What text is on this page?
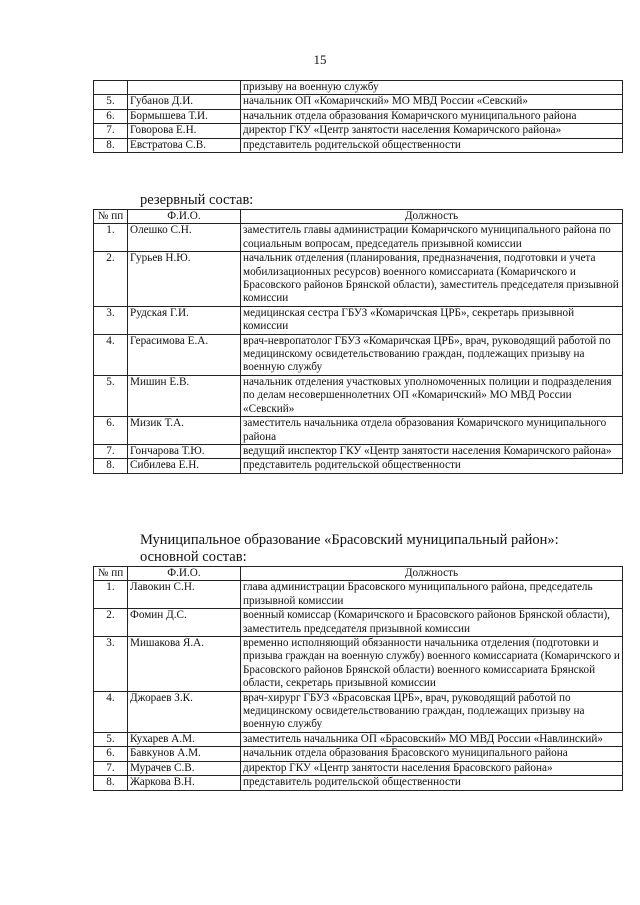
15
		призыву на военную службу
5.	Губанов Д.И.	начальник ОП «Комаричский» МО МВД России «Севский»
6.	Бормышева Т.И.	начальник отдела образования Комаричского муниципального района
7.	Говорова Е.Н.	директор ГКУ «Центр занятости населения Комаричского района»
8.	Евстратова С.В.	представитель родительской общественности
резервный состав:
№ пп	Ф.И.О.	Должность
1.	Олешко С.Н.	заместитель главы администрации Комаричского муниципального района по социальным вопросам, председатель призывной комиссии
2.	Гурьев Н.Ю.	начальник отделения (планирования, предназначения, подготовки и учета мобилизационных ресурсов) военного комиссариата (Комаричского и Брасовского районов Брянской области), заместитель председателя призывной комиссии
3.	Рудская Г.И.	медицинская сестра ГБУЗ «Комаричская ЦРБ», секретарь призывной комиссии
4.	Герасимова Е.А.	врач-невропатолог ГБУЗ «Комаричская ЦРБ», врач, руководящий работой по медицинскому освидетельствованию граждан, подлежащих призыву на военную службу
5.	Мишин Е.В.	начальник отделения участковых уполномоченных полиции и подразделения по делам несовершеннолетних ОП «Комаричский» МО МВД России «Севский»
6.	Мизик Т.А.	заместитель начальника отдела образования Комаричского муниципального района
7.	Гончарова Т.Ю.	ведущий инспектор ГКУ «Центр занятости населения Комаричского района»
8.	Сибилева Е.Н.	представитель родительской общественности
Муниципальное образование «Брасовский муниципальный район»:
основной состав:
№ пп	Ф.И.О.	Должность
1.	Лавокин С.Н.	глава администрации Брасовского муниципального района, председатель призывной комиссии
2.	Фомин Д.С.	военный комиссар (Комаричского и Брасовского районов Брянской области), заместитель председателя призывной комиссии
3.	Мишакова Я.А.	временно исполняющий обязанности начальника отделения (подготовки и призыва граждан на военную службу) военного комиссариата (Комаричского и Брасовского районов Брянской области) военного комиссариата Брянской области, секретарь призывной комиссии
4.	Джораев З.К.	врач-хирург ГБУЗ «Брасовская ЦРБ», врач, руководящий работой по медицинскому освидетельствованию граждан, подлежащих призыву на военную службу
5.	Кухарев А.М.	заместитель начальника ОП «Брасовский» МО МВД России «Навлинский»
6.	Бавкунов А.М.	начальник отдела образования Брасовского муниципального района
7.	Мурачев С.В.	директор ГКУ «Центр занятости населения Брасовского района»
8.	Жаркова В.Н.	представитель родительской общественности
